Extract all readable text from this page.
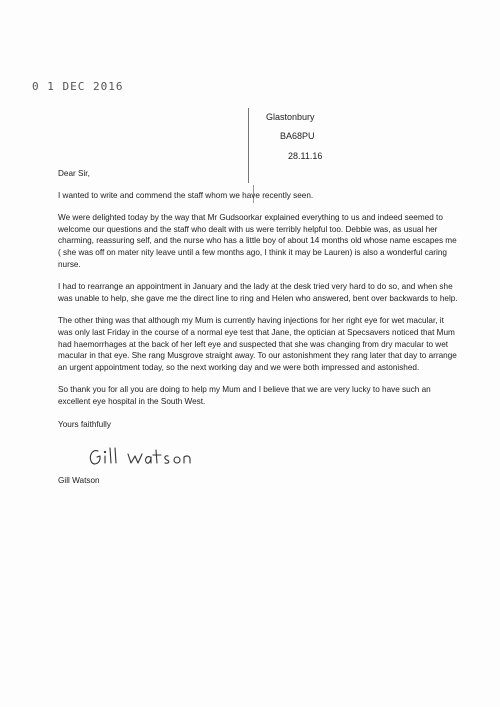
0 1 DEC 2016
Glastonbury
BA68PU
28.11.16

Dear Sir,

I wanted to write and commend the staff whom we have recently seen.

We were delighted today by the way that Mr Gudsoorkar explained everything to us and indeed seemed to welcome our questions and the staff who dealt with us were terribly helpful too. Debbie was, as usual her charming, reassuring self, and the nurse who has a little boy of about 14 months old whose name escapes me ( she was off on mater nity leave until a few months ago, I think it may be Lauren) is also a wonderful caring nurse.

I had to rearrange an appointment in January and the lady at the desk tried very hard to do so, and when she was unable to help, she gave me the direct line to ring and Helen who answered, bent over backwards to help.

The other thing was that although my Mum is currently having injections for her right eye for wet macular, it was only last Friday in the course of a normal eye test that Jane, the optician at Specsavers noticed that Mum had haemorrhages at the back of her left eye and suspected that she was changing from dry macular to wet macular in that eye. She rang Musgrove straight away. To our astonishment they rang later that day to arrange an urgent appointment today, so the next working day and we were both impressed and astonished.

So thank you for all you are doing to help my Mum and I believe that we are very lucky to have such an excellent eye hospital in the South West.

Yours faithfully

Gill Watson
